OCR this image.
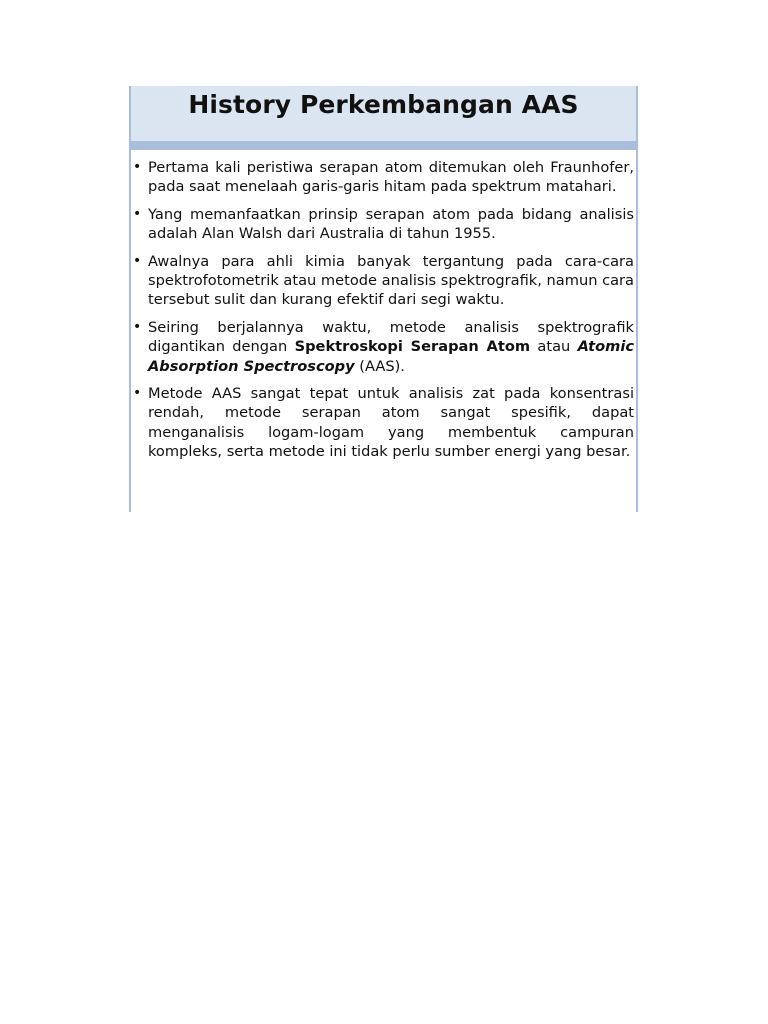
History Perkembangan AAS
• Pertama kali peristiwa serapan atom ditemukan oleh Fraunhofer, pada saat menelaah garis-garis hitam pada spektrum matahari.
• Yang memanfaatkan prinsip serapan atom pada bidang analisis adalah Alan Walsh dari Australia di tahun 1955.
• Awalnya para ahli kimia banyak tergantung pada cara-cara spektrofotometrik atau metode analisis spektrografik, namun cara tersebut sulit dan kurang efektif dari segi waktu.
• Seiring berjalannya waktu, metode analisis spektrografik digantikan dengan Spektroskopi Serapan Atom atau Atomic Absorption Spectroscopy (AAS).
• Metode AAS sangat tepat untuk analisis zat pada konsentrasi rendah, metode serapan atom sangat spesifik, dapat menganalisis logam-logam yang membentuk campuran kompleks, serta metode ini tidak perlu sumber energi yang besar.
